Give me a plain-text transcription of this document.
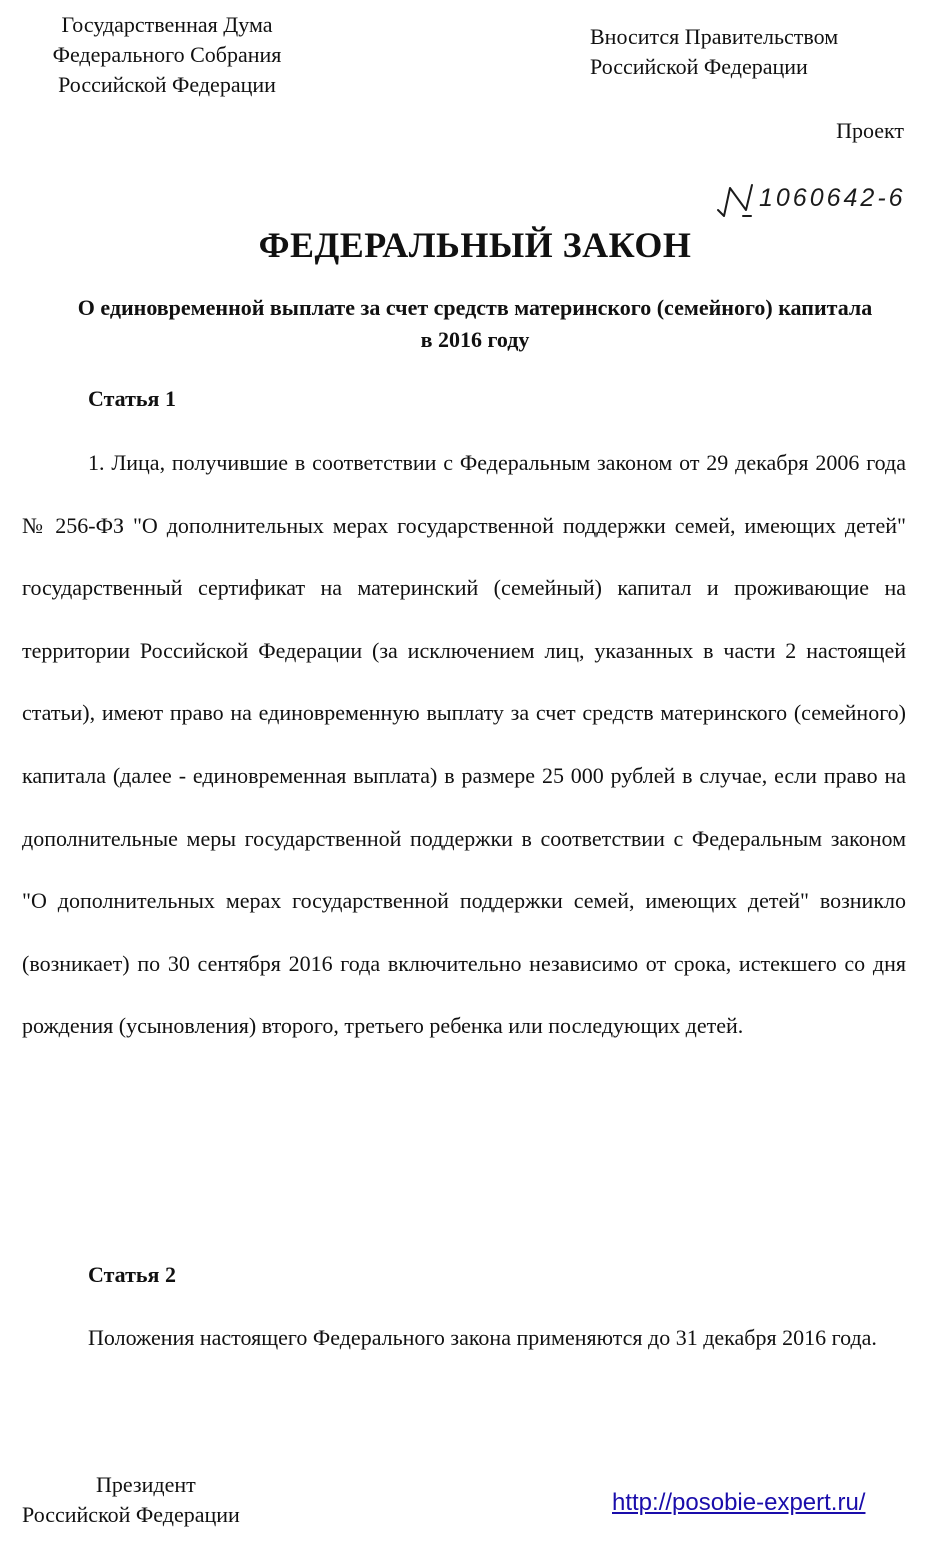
Государственная Дума
Федерального Собрания
Российской Федерации
Вносится Правительством
Российской Федерации
Проект
1060642-6
ФЕДЕРАЛЬНЫЙ ЗАКОН
О единовременной выплате за счет средств материнского (семейного) капитала в 2016 году
Статья 1

1. Лица, получившие в соответствии с Федеральным законом от 29 декабря 2006 года № 256-ФЗ "О дополнительных мерах государственной поддержки семей, имеющих детей" государственный сертификат на материнский (семейный) капитал и проживающие на территории Российской Федерации (за исключением лиц, указанных в части 2 настоящей статьи), имеют право на единовременную выплату за счет средств материнского (семейного) капитала (далее - единовременная выплата) в размере 25 000 рублей в случае, если право на дополнительные меры государственной поддержки в соответствии с Федеральным законом "О дополнительных мерах государственной поддержки семей, имеющих детей" возникло (возникает) по 30 сентября 2016 года включительно независимо от срока, истекшего со дня рождения (усыновления) второго, третьего ребенка или последующих детей.

Статья 2

Положения настоящего Федерального закона применяются до 31 декабря 2016 года.

Президент
Российской Федерации	http://posobie-expert.ru/
